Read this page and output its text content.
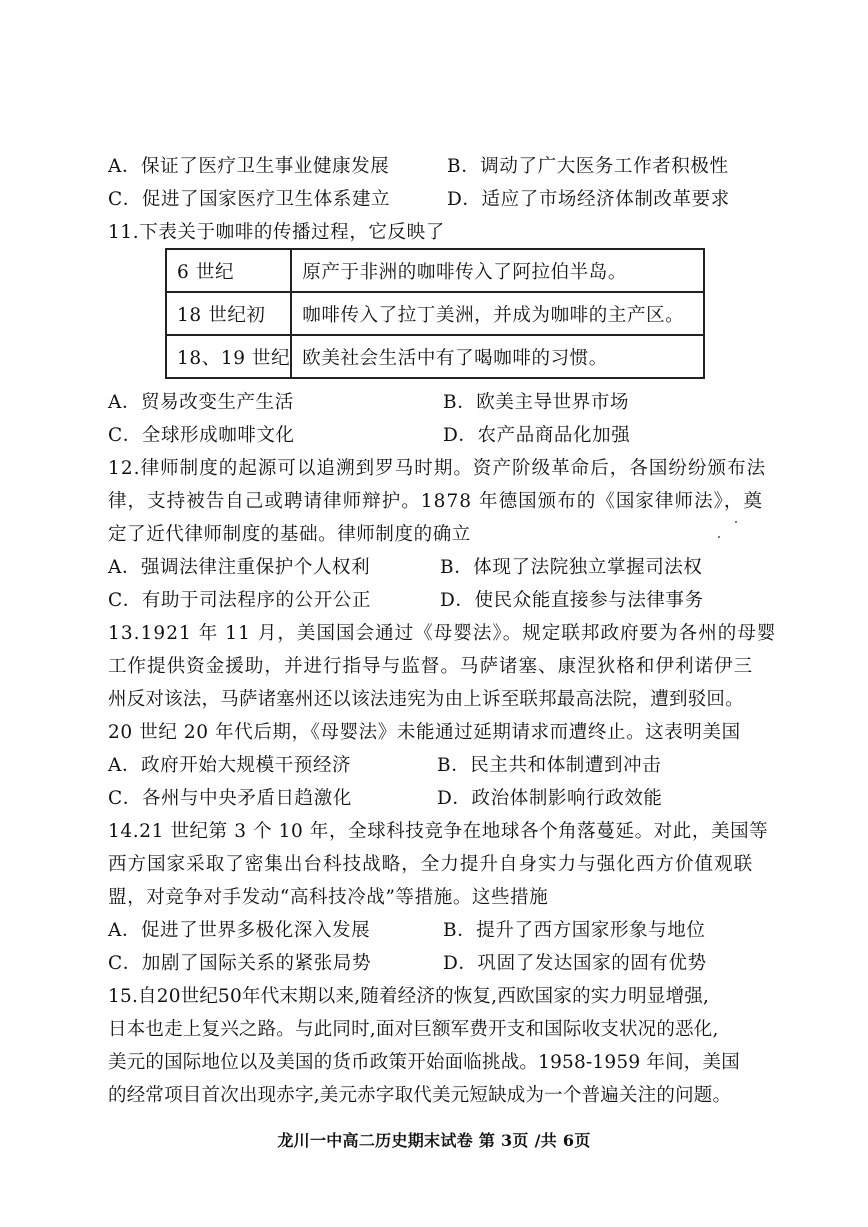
A．保证了医疗卫生事业健康发展	B．调动了广大医务工作者积极性
C．促进了国家医疗卫生体系建立	D．适应了市场经济体制改革要求
11.下表关于咖啡的传播过程，它反映了
6 世纪	原产于非洲的咖啡传入了阿拉伯半岛。
18 世纪初	咖啡传入了拉丁美洲，并成为咖啡的主产区。
18、19 世纪	欧美社会生活中有了喝咖啡的习惯。
A．贸易改变生产生活	B．欧美主导世界市场
C．全球形成咖啡文化	D．农产品商品化加强
12.律师制度的起源可以追溯到罗马时期。资产阶级革命后，各国纷纷颁布法
律，支持被告自己或聘请律师辩护。1878 年德国颁布的《国家律师法》，奠
定了近代律师制度的基础。律师制度的确立
A．强调法律注重保护个人权利	B．体现了法院独立掌握司法权
C．有助于司法程序的公开公正	D．使民众能直接参与法律事务
13.1921 年 11 月，美国国会通过《母婴法》。规定联邦政府要为各州的母婴
工作提供资金援助，并进行指导与监督。马萨诸塞、康涅狄格和伊利诺伊三
州反对该法，马萨诸塞州还以该法违宪为由上诉至联邦最高法院，遭到驳回。
20 世纪 20 年代后期，《母婴法》未能通过延期请求而遭终止。这表明美国
A．政府开始大规模干预经济	B．民主共和体制遭到冲击
C．各州与中央矛盾日趋激化	D．政治体制影响行政效能
14.21 世纪第 3 个 10 年，全球科技竞争在地球各个角落蔓延。对此，美国等
西方国家采取了密集出台科技战略，全力提升自身实力与强化西方价值观联
盟，对竞争对手发动“高科技冷战”等措施。这些措施
A．促进了世界多极化深入发展	B．提升了西方国家形象与地位
C．加剧了国际关系的紧张局势	D．巩固了发达国家的固有优势
15.自20世纪50年代末期以来,随着经济的恢复,西欧国家的实力明显增强,
日本也走上复兴之路。与此同时,面对巨额军费开支和国际收支状况的恶化,
美元的国际地位以及美国的货币政策开始面临挑战。1958-1959 年间，美国
的经常项目首次出现赤字,美元赤字取代美元短缺成为一个普遍关注的问题。
龙川一中高二历史期末试卷 第 3页 /共 6页
